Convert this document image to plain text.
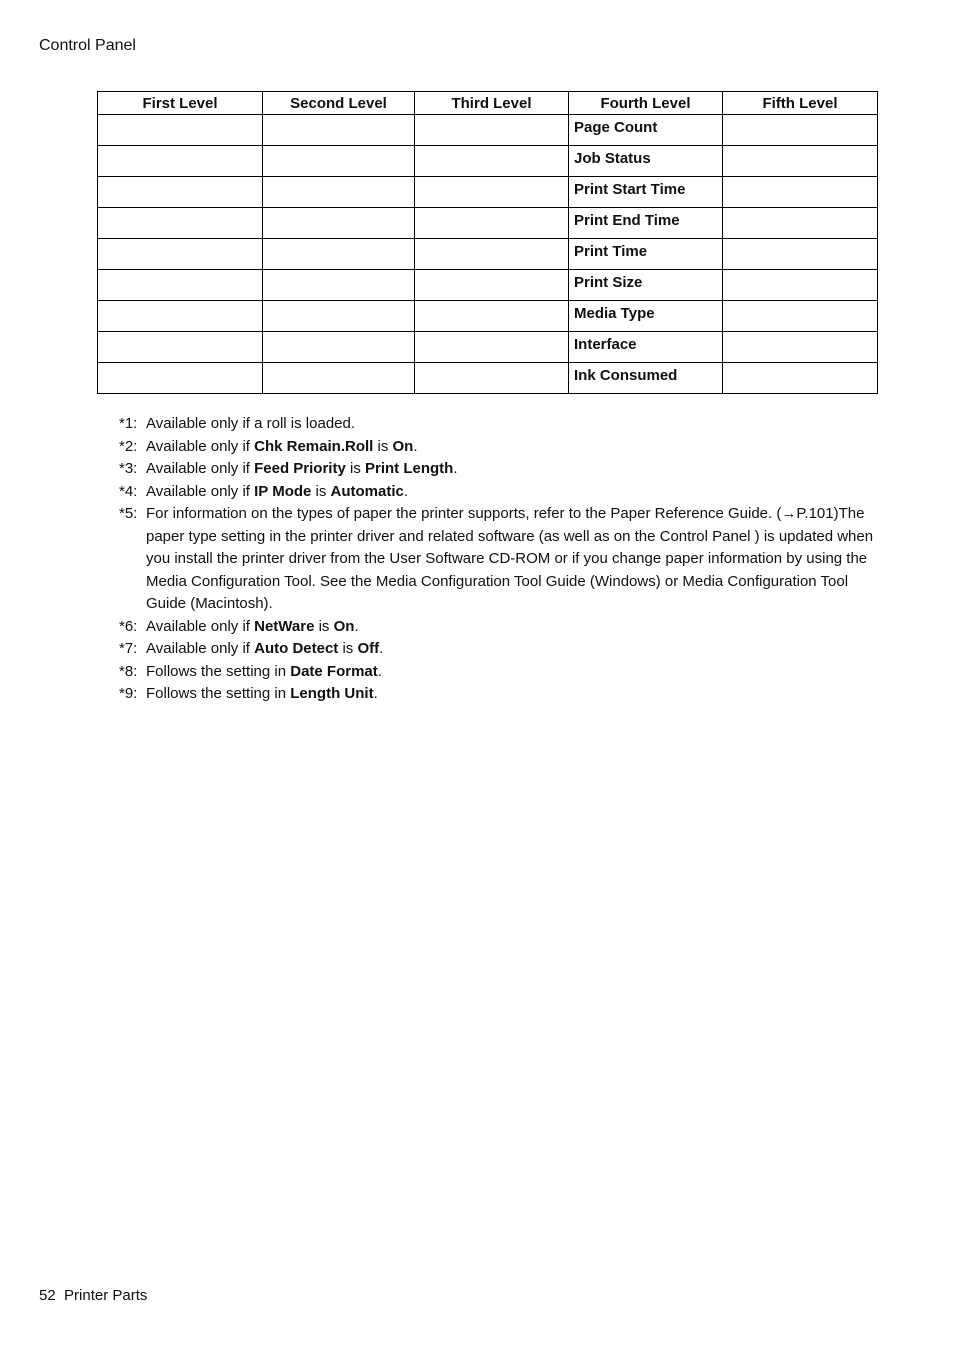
Control Panel
First Level	Second Level	Third Level	Fourth Level	Fifth Level
			Page Count	
			Job Status	
			Print Start Time	
			Print End Time	
			Print Time	
			Print Size	
			Media Type	
			Interface	
			Ink Consumed	
*1: Available only if a roll is loaded.
*2: Available only if Chk Remain.Roll is On.
*3: Available only if Feed Priority is Print Length.
*4: Available only if IP Mode is Automatic.
*5: For information on the types of paper the printer supports, refer to the Paper Reference Guide. (→P.101)The paper type setting in the printer driver and related software (as well as on the Control Panel ) is updated when you install the printer driver from the User Software CD-ROM or if you change paper information by using the Media Configuration Tool. See the Media Configuration Tool Guide (Windows) or Media Configuration Tool Guide (Macintosh).
*6: Available only if NetWare is On.
*7: Available only if Auto Detect is Off.
*8: Follows the setting in Date Format.
*9: Follows the setting in Length Unit.
52 Printer Parts
